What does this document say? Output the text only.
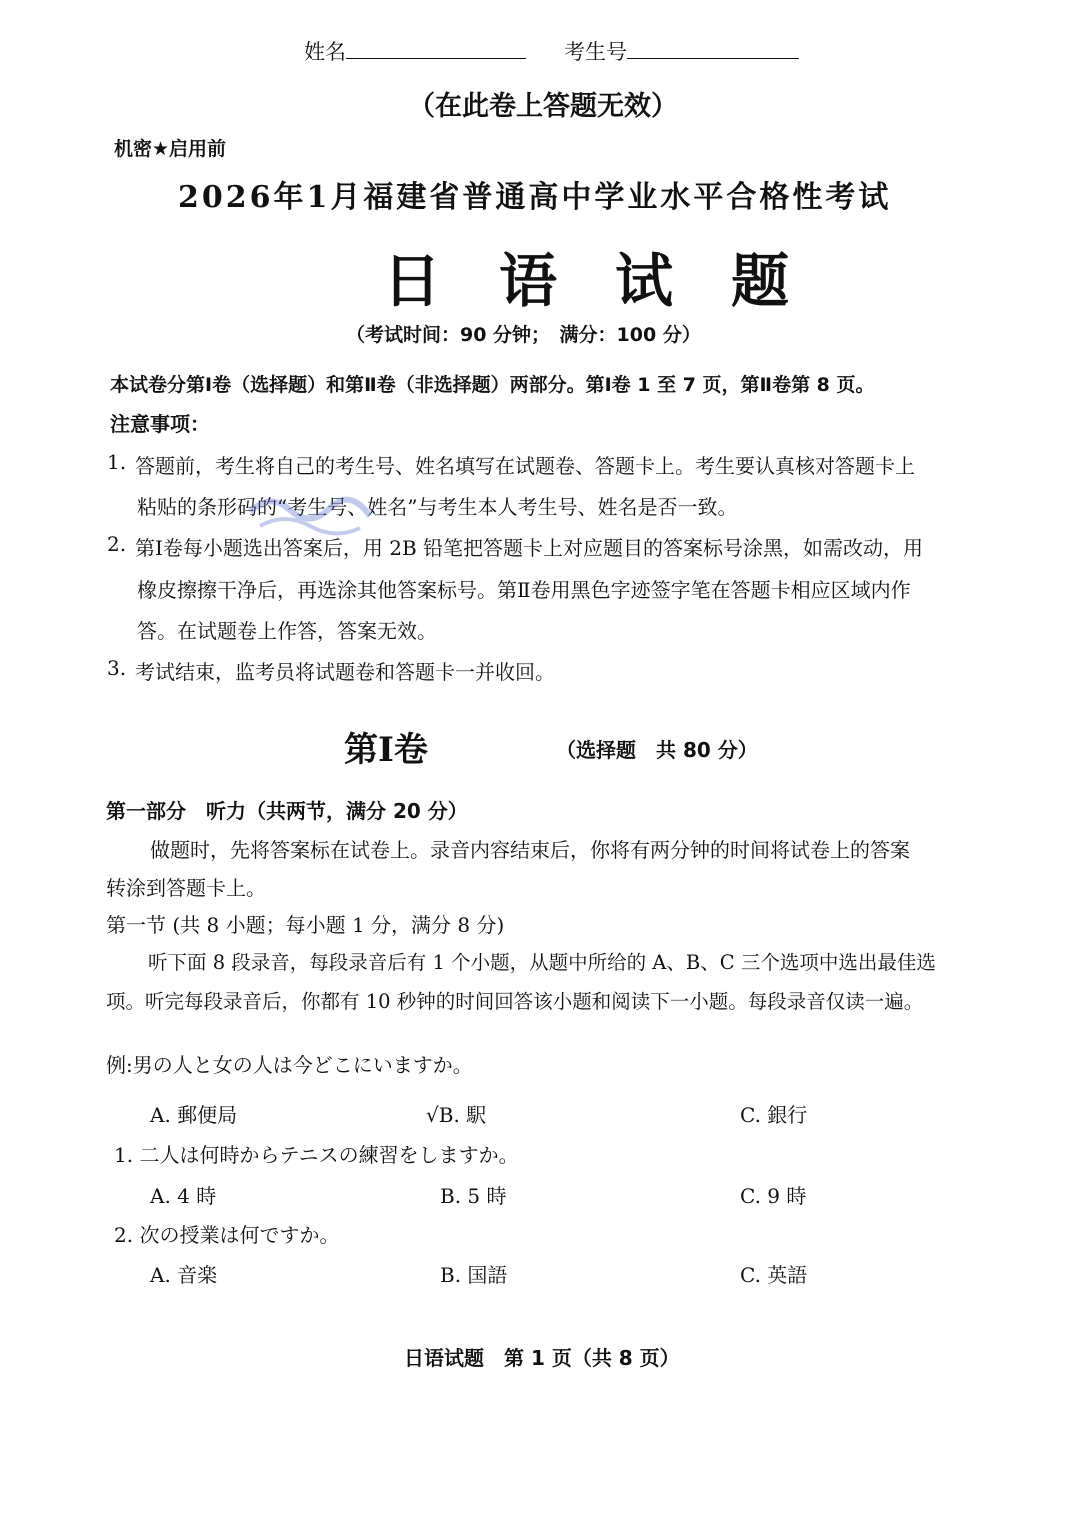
姓名	考生号
（在此卷上答题无效）
机密★启用前
2026年1月福建省普通高中学业水平合格性考试
日　语　试　题
（考试时间：90 分钟；　满分：100 分）
本试卷分第Ⅰ卷（选择题）和第Ⅱ卷（非选择题）两部分。第Ⅰ卷 1 至 7 页，第Ⅱ卷第 8 页。
注意事项：
1. 答题前，考生将自己的考生号、姓名填写在试题卷、答题卡上。考生要认真核对答题卡上
粘贴的条形码的“考生号、姓名”与考生本人考生号、姓名是否一致。
2. 第Ⅰ卷每小题选出答案后，用 2B 铅笔把答题卡上对应题目的答案标号涂黑，如需改动，用
橡皮擦擦干净后，再选涂其他答案标号。第Ⅱ卷用黑色字迹签字笔在答题卡相应区域内作
答。在试题卷上作答，答案无效。
3. 考试结束，监考员将试题卷和答题卡一并收回。
第Ⅰ卷	（选择题　共 80 分）
第一部分　听力（共两节，满分 20 分）
做题时，先将答案标在试卷上。录音内容结束后，你将有两分钟的时间将试卷上的答案
转涂到答题卡上。
第一节 (共 8 小题；每小题 1 分，满分 8 分)
听下面 8 段录音，每段录音后有 1 个小题，从题中所给的 A、B、C 三个选项中选出最佳选
项。听完每段录音后，你都有 10 秒钟的时间回答该小题和阅读下一小题。每段录音仅读一遍。
例:男の人と女の人は今どこにいますか。
A. 郵便局	√B. 駅	C. 銀行
1. 二人は何時からテニスの練習をしますか。
A. 4 時	B. 5 時	C. 9 時
2. 次の授業は何ですか。
A. 音楽	B. 国語	C. 英語
日语试题　第 1 页（共 8 页）
